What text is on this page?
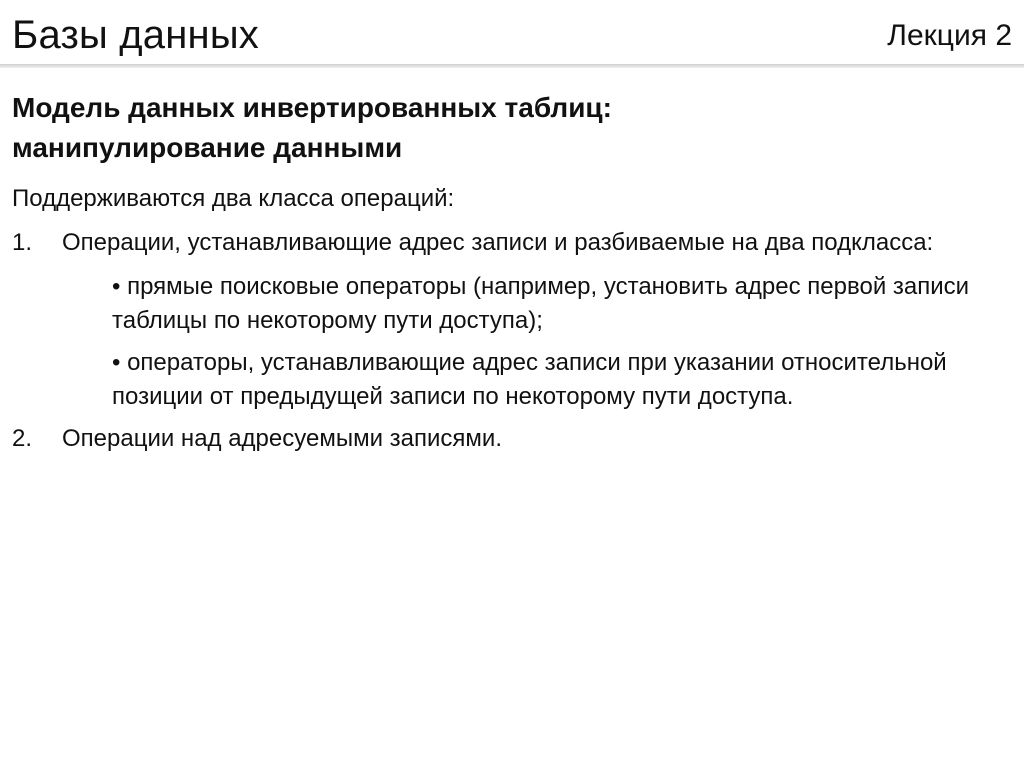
Базы данных	Лекция 2
Модель данных инвертированных таблиц:
манипулирование данными

Поддерживаются два класса операций:

1. Операции, устанавливающие адрес записи и разбиваемые на два подкласса:
• прямые поисковые операторы (например, установить адрес первой записи таблицы по некоторому пути доступа);
• операторы, устанавливающие адрес записи при указании относительной позиции от предыдущей записи по некоторому пути доступа.
2. Операции над адресуемыми записями.
